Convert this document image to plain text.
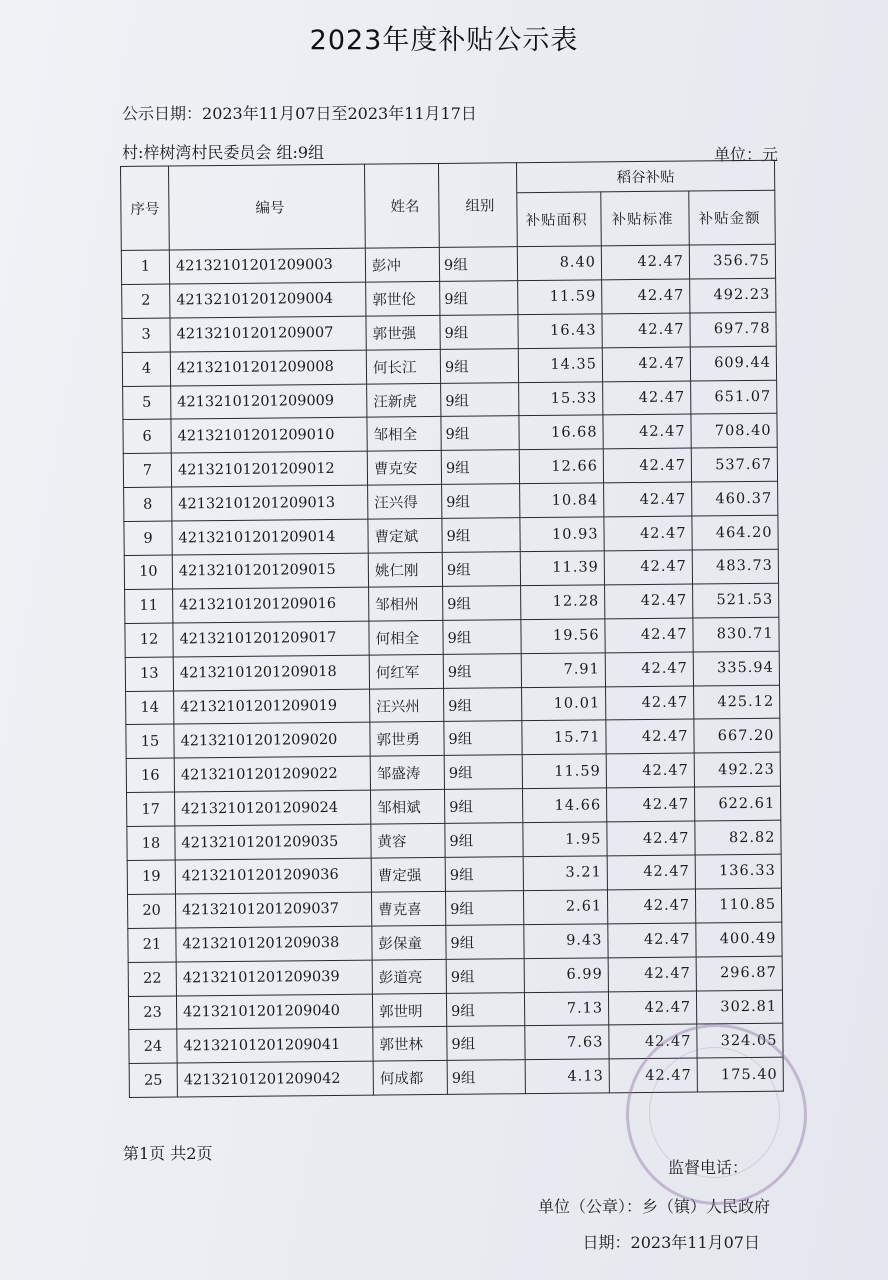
2023年度补贴公示表
公示日期：2023年11月07日至2023年11月17日
村:梓树湾村民委员会 组:9组	单位：元
序号	编号	姓名	组别	稻谷补贴		
				补贴面积	补贴标准	补贴金额
1	42132101201209003	彭冲	9组	8.40	42.47	356.75
2	42132101201209004	郭世伦	9组	11.59	42.47	492.23
3	42132101201209007	郭世强	9组	16.43	42.47	697.78
4	42132101201209008	何长江	9组	14.35	42.47	609.44
5	42132101201209009	汪新虎	9组	15.33	42.47	651.07
6	42132101201209010	邹相全	9组	16.68	42.47	708.40
7	42132101201209012	曹克安	9组	12.66	42.47	537.67
8	42132101201209013	汪兴得	9组	10.84	42.47	460.37
9	42132101201209014	曹定斌	9组	10.93	42.47	464.20
10	42132101201209015	姚仁刚	9组	11.39	42.47	483.73
11	42132101201209016	邹相州	9组	12.28	42.47	521.53
12	42132101201209017	何相全	9组	19.56	42.47	830.71
13	42132101201209018	何红军	9组	7.91	42.47	335.94
14	42132101201209019	汪兴州	9组	10.01	42.47	425.12
15	42132101201209020	郭世勇	9组	15.71	42.47	667.20
16	42132101201209022	邹盛涛	9组	11.59	42.47	492.23
17	42132101201209024	邹相斌	9组	14.66	42.47	622.61
18	42132101201209035	黄容	9组	1.95	42.47	82.82
19	42132101201209036	曹定强	9组	3.21	42.47	136.33
20	42132101201209037	曹克喜	9组	2.61	42.47	110.85
21	42132101201209038	彭保童	9组	9.43	42.47	400.49
22	42132101201209039	彭道亮	9组	6.99	42.47	296.87
23	42132101201209040	郭世明	9组	7.13	42.47	302.81
24	42132101201209041	郭世林	9组	7.63	42.47	324.05
25	42132101201209042	何成都	9组	4.13	42.47	175.40
第1页 共2页
监督电话：
单位（公章）：乡（镇）人民政府
日期：2023年11月07日
